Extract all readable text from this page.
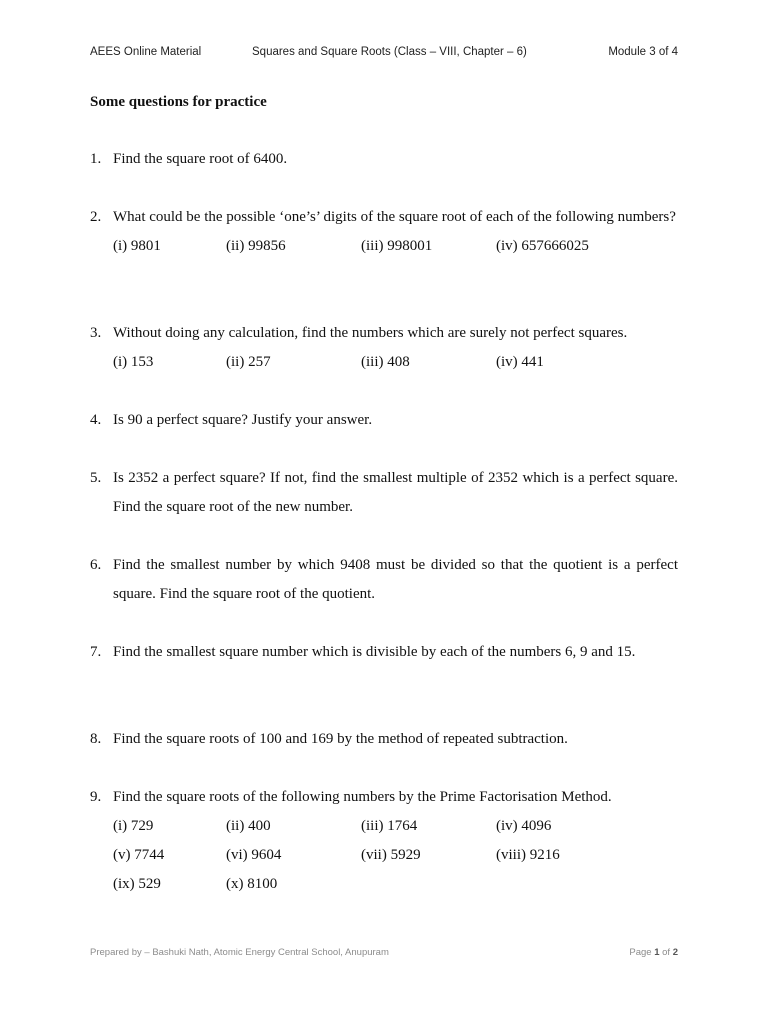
AEES Online Material	Squares and Square Roots (Class – VIII, Chapter – 6)	Module 3 of 4
Some questions for practice
1. Find the square root of 6400.
2. What could be the possible ‘one’s’ digits of the square root of each of the following numbers?
(i) 9801	(ii) 99856	(iii) 998001	(iv) 657666025
3. Without doing any calculation, find the numbers which are surely not perfect squares.
(i) 153	(ii) 257	(iii) 408	(iv) 441
4. Is 90 a perfect square? Justify your answer.
5. Is 2352 a perfect square? If not, find the smallest multiple of 2352 which is a perfect square. Find the square root of the new number.
6. Find the smallest number by which 9408 must be divided so that the quotient is a perfect square. Find the square root of the quotient.
7. Find the smallest square number which is divisible by each of the numbers 6, 9 and 15.
8. Find the square roots of 100 and 169 by the method of repeated subtraction.
9. Find the square roots of the following numbers by the Prime Factorisation Method.
(i) 729	(ii) 400	(iii) 1764	(iv) 4096
(v) 7744	(vi) 9604	(vii) 5929	(viii) 9216
(ix) 529	(x) 8100
Prepared by – Bashuki Nath, Atomic Energy Central School, Anupuram	Page 1 of 2
